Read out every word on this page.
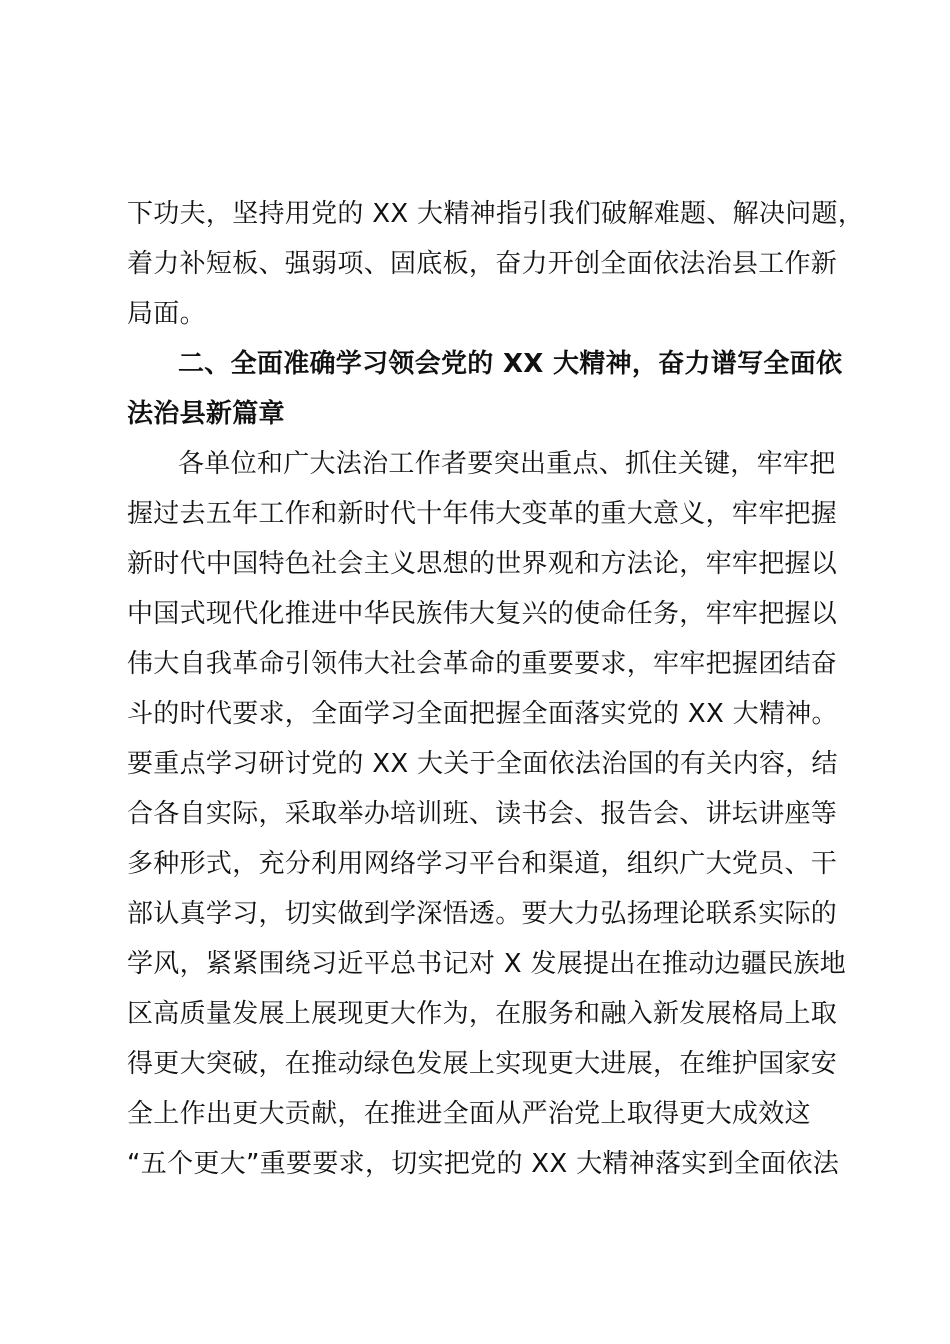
下功夫，坚持用党的 XX 大精神指引我们破解难题、解决问题，
着力补短板、强弱项、固底板，奋力开创全面依法治县工作新
局面。
二、全面准确学习领会党的 XX 大精神，奋力谱写全面依
法治县新篇章
各单位和广大法治工作者要突出重点、抓住关键，牢牢把
握过去五年工作和新时代十年伟大变革的重大意义，牢牢把握
新时代中国特色社会主义思想的世界观和方法论，牢牢把握以
中国式现代化推进中华民族伟大复兴的使命任务，牢牢把握以
伟大自我革命引领伟大社会革命的重要要求，牢牢把握团结奋
斗的时代要求，全面学习全面把握全面落实党的 XX 大精神。
要重点学习研讨党的 XX 大关于全面依法治国的有关内容，结
合各自实际，采取举办培训班、读书会、报告会、讲坛讲座等
多种形式，充分利用网络学习平台和渠道，组织广大党员、干
部认真学习，切实做到学深悟透。要大力弘扬理论联系实际的
学风，紧紧围绕习近平总书记对 X 发展提出在推动边疆民族地
区高质量发展上展现更大作为，在服务和融入新发展格局上取
得更大突破，在推动绿色发展上实现更大进展，在维护国家安
全上作出更大贡献，在推进全面从严治党上取得更大成效这
“五个更大”重要要求，切实把党的 XX 大精神落实到全面依法
